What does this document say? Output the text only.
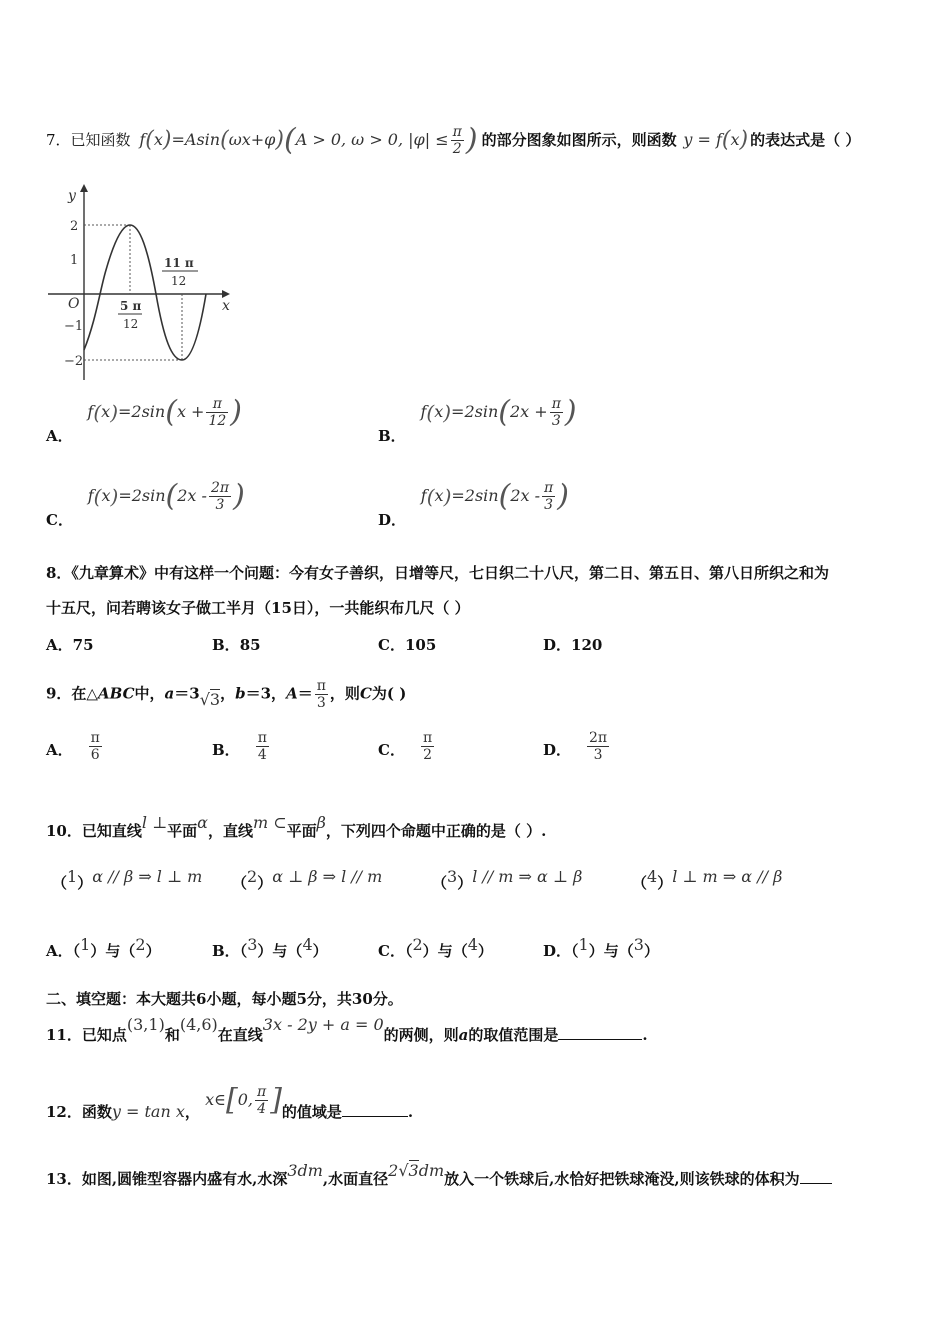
7．已知函数 f(x)=Asin(ωx+φ)(A > 0, ω > 0, $|\varphi| \le \frac{\pi}{2}$ ) 的部分图象如图所示，则函数 y = f(x) 的表达式是（ ）
y
x
O
2
1
−1
−2
5 π
12
11 π
12
A． $f(x)=2\sin(x + \frac{\pi}{12}$ )
B． $f(x)=2\sin(2x + \frac{\pi}{3}$ )
C． $f(x)=2\sin(2x - \frac{2\pi}{3}$ )
D． $f(x)=2\sin(2x - \frac{\pi}{3}$ )
8．《九章算术》中有这样一个问题：今有女子善织，日增等尺，七日织二十八尺，第二日、第五日、第八日所织之和为
十五尺，问若聘该女子做工半月（15日），一共能织布几尺（ ）
A．75	B．85	C．105	D．120
9．在△ABC中，a＝3√3，b＝3，$A= \frac{\pi}{3}$ ，则C为( )
A． $\frac{\pi}{6}$	B． $\frac{\pi}{4}$	C． $\frac{\pi}{2}$	D． $\frac{2\pi}{3}$
10．已知直线l ⊥平面α，直线m ⊂平面β，下列四个命题中正确的是（ ）.
（1）α // β ⇒ l ⊥ m （2）α ⊥ β ⇒ l // m	（3）l // m ⇒ α ⊥ β	（4）l ⊥ m ⇒ α // β
A．（1）与（2）	B．（3）与（4）	C．（2）与（4）	D．（1）与（3）
二、填空题：本大题共6小题，每小题5分，共30分。
11．已知点(3,1)和(4,6)在直线3x - 2y + a = 0的两侧，则a的取值范围是	.
12．函数y = tan x， x∈[0, $\frac{\pi}{4}$ ]的值域是	.
13．如图,圆锥型容器内盛有水,水深3dm,水面直径2√3dm放入一个铁球后,水恰好把铁球淹没,则该铁球的体积为
